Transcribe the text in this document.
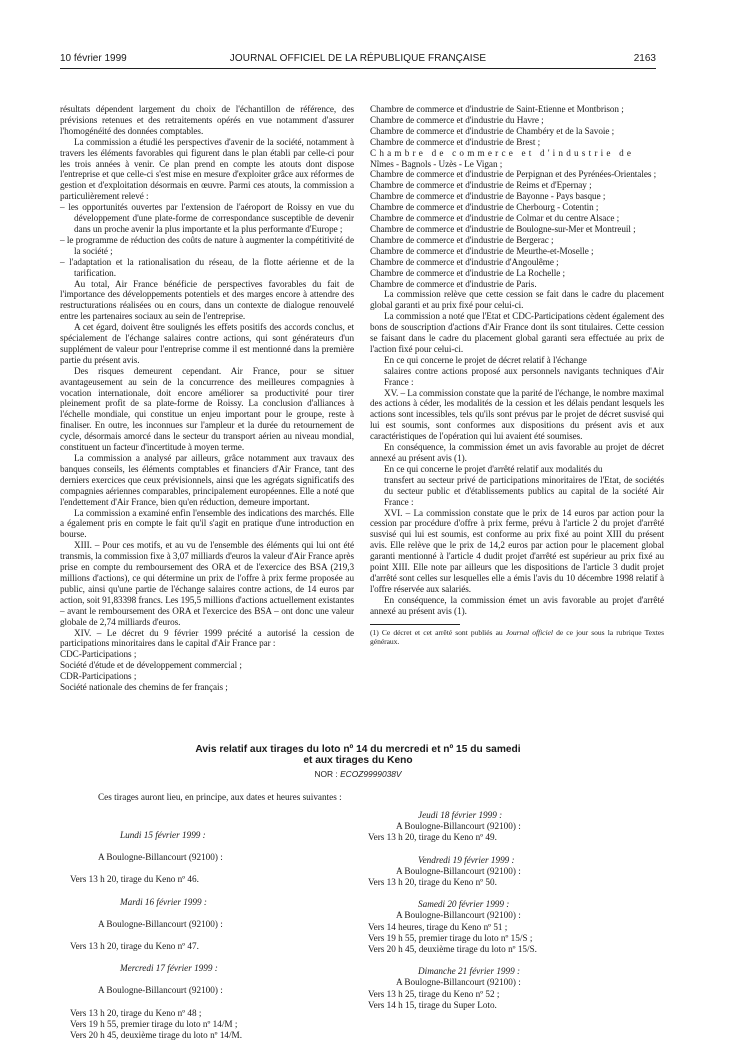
10 février 1999	JOURNAL OFFICIEL DE LA RÉPUBLIQUE FRANÇAISE	2163

résultats dépendent largement du choix de l'échantillon de référence, des prévisions retenues et des retraitements opérés en vue notamment d'assurer l'homogénéité des données comptables.

La commission a étudié les perspectives d'avenir de la société, notamment à travers les éléments favorables qui figurent dans le plan établi par celle-ci pour les trois années à venir. Ce plan prend en compte les atouts dont dispose l'entreprise et que celle-ci s'est mise en mesure d'exploiter grâce aux réformes de gestion et d'exploitation désormais en œuvre. Parmi ces atouts, la commission a particulièrement relevé :

– les opportunités ouvertes par l'extension de l'aéroport de Roissy en vue du développement d'une plate-forme de correspondance susceptible de devenir dans un proche avenir la plus importante et la plus performante d'Europe ;

– le programme de réduction des coûts de nature à augmenter la compétitivité de la société ;

– l'adaptation et la rationalisation du réseau, de la flotte aérienne et de la tarification.

Au total, Air France bénéficie de perspectives favorables du fait de l'importance des développements potentiels et des marges encore à attendre des restructurations réalisées ou en cours, dans un contexte de dialogue renouvelé entre les partenaires sociaux au sein de l'entreprise.

A cet égard, doivent être soulignés les effets positifs des accords conclus, et spécialement de l'échange salaires contre actions, qui sont générateurs d'un supplément de valeur pour l'entreprise comme il est mentionné dans la première partie du présent avis.

Des risques demeurent cependant. Air France, pour se situer avantageusement au sein de la concurrence des meilleures compagnies à vocation internationale, doit encore améliorer sa productivité pour tirer pleinement profit de sa plate-forme de Roissy. La conclusion d'alliances à l'échelle mondiale, qui constitue un enjeu important pour le groupe, reste à finaliser. En outre, les inconnues sur l'ampleur et la durée du retournement de cycle, désormais amorcé dans le secteur du transport aérien au niveau mondial, constituent un facteur d'incertitude à moyen terme.

La commission a analysé par ailleurs, grâce notamment aux travaux des banques conseils, les éléments comptables et financiers d'Air France, tant des derniers exercices que ceux prévisionnels, ainsi que les agrégats significatifs des compagnies aériennes comparables, principalement européennes. Elle a noté que l'endettement d'Air France, bien qu'en réduction, demeure important.

La commission a examiné enfin l'ensemble des indications des marchés. Elle a également pris en compte le fait qu'il s'agit en pratique d'une introduction en bourse.

XIII. – Pour ces motifs, et au vu de l'ensemble des éléments qui lui ont été transmis, la commission fixe à 3,07 milliards d'euros la valeur d'Air France après prise en compte du remboursement des ORA et de l'exercice des BSA (219,3 millions d'actions), ce qui détermine un prix de l'offre à prix ferme proposée au public, ainsi qu'une partie de l'échange salaires contre actions, de 14 euros par action, soit 91,83398 francs. Les 195,5 millions d'actions actuellement existantes – avant le remboursement des ORA et l'exercice des BSA – ont donc une valeur globale de 2,74 milliards d'euros.

XIV. – Le décret du 9 février 1999 précité a autorisé la cession de participations minoritaires dans le capital d'Air France par :

CDC-Participations ;

Société d'étude et de développement commercial ;

CDR-Participations ;

Société nationale des chemins de fer français ;

Chambre de commerce et d'industrie de Saint-Etienne et Montbrison ;

Chambre de commerce et d'industrie du Havre ;

Chambre de commerce et d'industrie de Chambéry et de la Savoie ;

Chambre de commerce et d'industrie de Brest ;

Chambre de commerce et d'industrie de

Nîmes - Bagnols - Uzès - Le Vigan ;

Chambre de commerce et d'industrie de Perpignan et des Pyrénées-Orientales ;

Chambre de commerce et d'industrie de Reims et d'Epernay ;

Chambre de commerce et d'industrie de Bayonne - Pays basque ;

Chambre de commerce et d'industrie de Cherbourg - Cotentin ;

Chambre de commerce et d'industrie de Colmar et du centre Alsace ;

Chambre de commerce et d'industrie de Boulogne-sur-Mer et Montreuil ;

Chambre de commerce et d'industrie de Bergerac ;

Chambre de commerce et d'industrie de Meurthe-et-Moselle ;

Chambre de commerce et d'industrie d'Angoulême ;

Chambre de commerce et d'industrie de La Rochelle ;

Chambre de commerce et d'industrie de Paris.

La commission relève que cette cession se fait dans le cadre du placement global garanti et au prix fixé pour celui-ci.

La commission a noté que l'Etat et CDC-Participations cèdent également des bons de souscription d'actions d'Air France dont ils sont titulaires. Cette cession se faisant dans le cadre du placement global garanti sera effectuée au prix de l'action fixé pour celui-ci.

En ce qui concerne le projet de décret relatif à l'échange

salaires contre actions proposé aux personnels navigants techniques d'Air France :

XV. – La commission constate que la parité de l'échange, le nombre maximal des actions à céder, les modalités de la cession et les délais pendant lesquels les actions sont incessibles, tels qu'ils sont prévus par le projet de décret susvisé qui lui est soumis, sont conformes aux dispositions du présent avis et aux caractéristiques de l'opération qui lui avaient été soumises.

En conséquence, la commission émet un avis favorable au projet de décret annexé au présent avis (1).

En ce qui concerne le projet d'arrêté relatif aux modalités du

transfert au secteur privé de participations minoritaires de l'Etat, de sociétés du secteur public et d'établissements publics au capital de la société Air France :

XVI. – La commission constate que le prix de 14 euros par action pour la cession par procédure d'offre à prix ferme, prévu à l'article 2 du projet d'arrêté susvisé qui lui est soumis, est conforme au prix fixé au point XIII du présent avis. Elle relève que le prix de 14,2 euros par action pour le placement global garanti mentionné à l'article 4 dudit projet d'arrêté est supérieur au prix fixé au point XIII. Elle note par ailleurs que les dispositions de l'article 3 dudit projet d'arrêté sont celles sur lesquelles elle a émis l'avis du 10 décembre 1998 relatif à l'offre réservée aux salariés.

En conséquence, la commission émet un avis favorable au projet d'arrêté annexé au présent avis (1).

(1) Ce décret et cet arrêté sont publiés au Journal officiel de ce jour sous la rubrique Textes généraux.

Avis relatif aux tirages du loto nº 14 du mercredi et nº 15 du samedi
et aux tirages du Keno
NOR : ECOZ9999038V

Ces tirages auront lieu, en principe, aux dates et heures suivantes :

Lundi 15 février 1999 :

A Boulogne-Billancourt (92100) :

Vers 13 h 20, tirage du Keno nº 46.

Mardi 16 février 1999 :

A Boulogne-Billancourt (92100) :

Vers 13 h 20, tirage du Keno nº 47.

Mercredi 17 février 1999 :

A Boulogne-Billancourt (92100) :

Vers 13 h 20, tirage du Keno nº 48 ;

Vers 19 h 55, premier tirage du loto nº 14/M ;

Vers 20 h 45, deuxième tirage du loto nº 14/M.

Jeudi 18 février 1999 :

A Boulogne-Billancourt (92100) :

Vers 13 h 20, tirage du Keno nº 49.

Vendredi 19 février 1999 :

A Boulogne-Billancourt (92100) :

Vers 13 h 20, tirage du Keno nº 50.

Samedi 20 février 1999 :

A Boulogne-Billancourt (92100) :

Vers 14 heures, tirage du Keno nº 51 ;

Vers 19 h 55, premier tirage du loto nº 15/S ;

Vers 20 h 45, deuxième tirage du loto nº 15/S.

Dimanche 21 février 1999 :

A Boulogne-Billancourt (92100) :

Vers 13 h 25, tirage du Keno nº 52 ;

Vers 14 h 15, tirage du Super Loto.
